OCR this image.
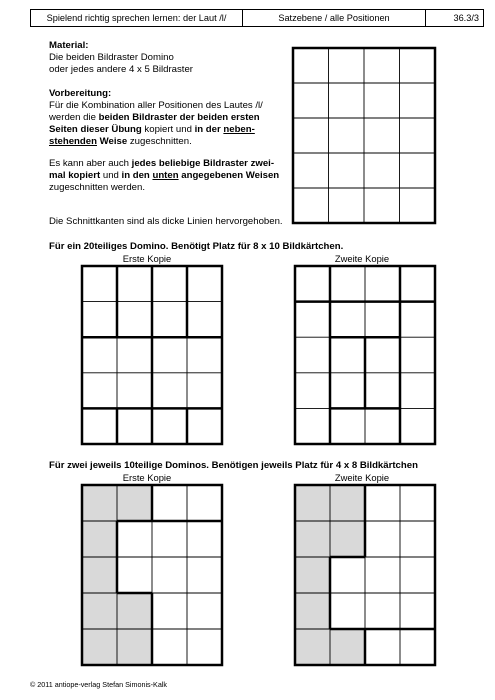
Spielend richtig sprechen lernen: der Laut /l/	Satzebene / alle Positionen	36.3/3

Material:

Die beiden Bildraster Domino

oder jedes andere 4 x 5 Bildraster

Vorbereitung:

Für die Kombination aller Positionen des Lautes /l/

werden die beiden Bildraster der beiden ersten

Seiten dieser Übung kopiert und in der neben-

stehenden Weise zugeschnitten.

Es kann aber auch jedes beliebige Bildraster zwei-

mal kopiert und in den unten angegebenen Weisen

zugeschnitten werden.

Die Schnittkanten sind als dicke Linien hervorgehoben.
Für ein 20teiliges Domino. Benötigt Platz für 8 x 10 Bildkärtchen.
Erste Kopie	Zweite Kopie
Für zwei jeweils 10teilige Dominos. Benötigen jeweils Platz für 4 x 8 Bildkärtchen
Erste Kopie	Zweite Kopie
© 2011 antiope-verlag Stefan Simonis-Kalk
